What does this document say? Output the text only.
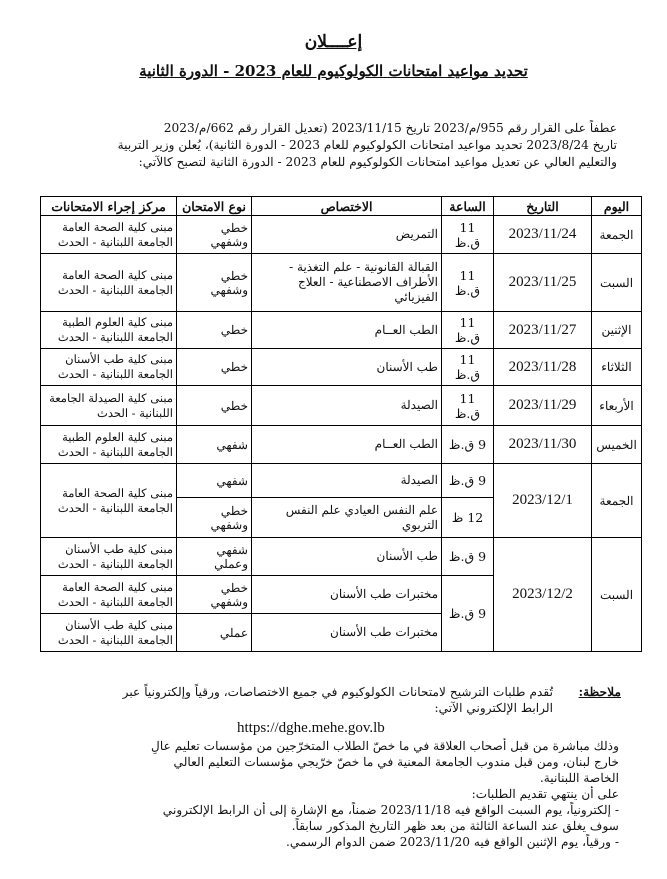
إعــــلان
تحديد مواعيد امتحانات الكولوكيوم للعام 2023 - الدورة الثانية
عطفاً على القرار رقم 955/م/2023 تاريخ 2023/11/15 (تعديل القرار رقم 662/م/2023
تاريخ 2023/8/24 تحديد مواعيد امتحانات الكولوكيوم للعام 2023 - الدورة الثانية)، يُعلن وزير التربية
والتعليم العالي عن تعديل مواعيد امتحانات الكولوكيوم للعام 2023 - الدورة الثانية لتصبح كالآتي:
اليوم	التاريخ	الساعة	الاختصاص	نوع الامتحان	مركز إجراء الامتحانات
الجمعة	2023/11/24	11 ق.ظ	التمريض	خطي وشفهي	مبنى كلية الصحة العامة الجامعة اللبنانية - الحدث
السبت	2023/11/25	11 ق.ظ	القبالة القانونية - علم التغذية - الأطراف الاصطناعية - العلاج الفيزيائي	خطي وشفهي	مبنى كلية الصحة العامة الجامعة اللبنانية - الحدث
الإثنين	2023/11/27	11 ق.ظ	الطب العــام	خطي	مبنى كلية العلوم الطبية الجامعة اللبنانية - الحدث
الثلاثاء	2023/11/28	11 ق.ظ	طب الأسنان	خطي	مبنى كلية طب الأسنان الجامعة اللبنانية - الحدث
الأربعاء	2023/11/29	11 ق.ظ	الصيدلة	خطي	مبنى كلية الصيدلة الجامعة اللبنانية - الحدث
الخميس	2023/11/30	9 ق.ظ	الطب العــام	شفهي	مبنى كلية العلوم الطبية الجامعة اللبنانية - الحدث
الجمعة	2023/12/1	9 ق.ظ	الصيدلة	شفهي	مبنى كلية الصحة العامة الجامعة اللبنانية - الحدث
		12 ظ	علم النفس العيادي علم النفس التربوي	خطي وشفهي	
السبت	2023/12/2	9 ق.ظ	طب الأسنان	شفهي وعملي	مبنى كلية طب الأسنان الجامعة اللبنانية - الحدث
		9 ق.ظ	مختبرات طب الأسنان	خطي وشفهي	مبنى كلية الصحة العامة الجامعة اللبنانية - الحدث
			مختبرات طب الأسنان	عملي	مبنى كلية طب الأسنان الجامعة اللبنانية - الحدث
ملاحظة:
تُقدم طلبات الترشيح لامتحانات الكولوكيوم في جميع الاختصاصات، ورقياً وإلكترونياً عبر
الرابط الإلكتروني الآتي:
https://dghe.mehe.gov.lb
وذلك مباشرة من قبل أصحاب العلاقة في ما خصّ الطلاب المتخرّجين من مؤسسات تعليم عالٍ
خارج لبنان، ومن قبل مندوب الجامعة المعنية في ما خصّ خرّيجي مؤسسات التعليم العالي
الخاصة اللبنانية.
على أن ينتهي تقديم الطلبات:
- إلكترونياً، يوم السبت الواقع فيه 2023/11/18 ضمناً، مع الإشارة إلى أن الرابط الإلكتروني
سوف يغلق عند الساعة الثالثة من بعد ظهر التاريخ المذكور سابقاً.
- ورقياً، يوم الإثنين الواقع فيه 2023/11/20 ضمن الدوام الرسمي.
